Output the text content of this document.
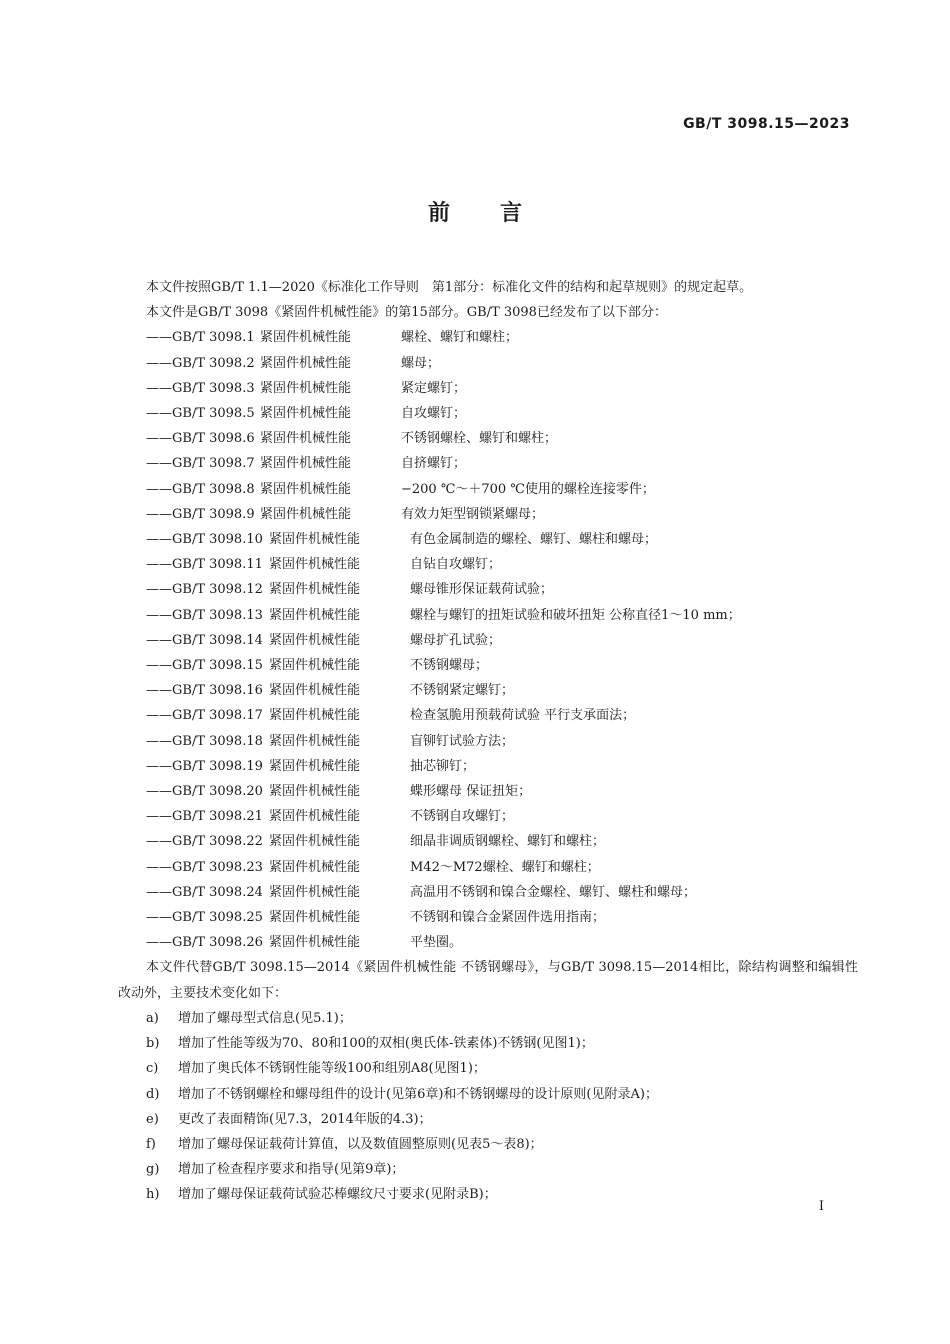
GB/T 3098.15—2023
前言

本文件按照GB/T 1.1—2020《标准化工作导则　第1部分：标准化文件的结构和起草规则》的规定起草。

本文件是GB/T 3098《紧固件机械性能》的第15部分。GB/T 3098已经发布了以下部分：

——GB/T 3098.1 紧固件机械性能	螺栓、螺钉和螺柱；
——GB/T 3098.2 紧固件机械性能	螺母；
——GB/T 3098.3 紧固件机械性能	紧定螺钉；
——GB/T 3098.5 紧固件机械性能	自攻螺钉；
——GB/T 3098.6 紧固件机械性能	不锈钢螺栓、螺钉和螺柱；
——GB/T 3098.7 紧固件机械性能	自挤螺钉；
——GB/T 3098.8 紧固件机械性能	−200 ℃～＋700 ℃使用的螺栓连接零件；
——GB/T 3098.9 紧固件机械性能	有效力矩型钢锁紧螺母；
——GB/T 3098.10 紧固件机械性能	有色金属制造的螺栓、螺钉、螺柱和螺母；
——GB/T 3098.11 紧固件机械性能	自钻自攻螺钉；
——GB/T 3098.12 紧固件机械性能	螺母锥形保证载荷试验；
——GB/T 3098.13 紧固件机械性能	螺栓与螺钉的扭矩试验和破坏扭矩 公称直径1～10 mm；
——GB/T 3098.14 紧固件机械性能	螺母扩孔试验；
——GB/T 3098.15 紧固件机械性能	不锈钢螺母；
——GB/T 3098.16 紧固件机械性能	不锈钢紧定螺钉；
——GB/T 3098.17 紧固件机械性能	检查氢脆用预载荷试验 平行支承面法；
——GB/T 3098.18 紧固件机械性能	盲铆钉试验方法；
——GB/T 3098.19 紧固件机械性能	抽芯铆钉；
——GB/T 3098.20 紧固件机械性能	蝶形螺母 保证扭矩；
——GB/T 3098.21 紧固件机械性能	不锈钢自攻螺钉；
——GB/T 3098.22 紧固件机械性能	细晶非调质钢螺栓、螺钉和螺柱；
——GB/T 3098.23 紧固件机械性能	M42～M72螺栓、螺钉和螺柱；
——GB/T 3098.24 紧固件机械性能	高温用不锈钢和镍合金螺栓、螺钉、螺柱和螺母；
——GB/T 3098.25 紧固件机械性能	不锈钢和镍合金紧固件选用指南；
——GB/T 3098.26 紧固件机械性能	平垫圈。

本文件代替GB/T 3098.15—2014《紧固件机械性能 不锈钢螺母》，与GB/T 3098.15—2014相比，除结构调整和编辑性改动外，主要技术变化如下：

a) 增加了螺母型式信息(见5.1)；
b) 增加了性能等级为70、80和100的双相(奥氏体-铁素体)不锈钢(见图1)；
c) 增加了奥氏体不锈钢性能等级100和组别A8(见图1)；
d) 增加了不锈钢螺栓和螺母组件的设计(见第6章)和不锈钢螺母的设计原则(见附录A)；
e) 更改了表面精饰(见7.3，2014年版的4.3)；
f) 增加了螺母保证载荷计算值，以及数值圆整原则(见表5～表8)；
g) 增加了检查程序要求和指导(见第9章)；
h) 增加了螺母保证载荷试验芯棒螺纹尺寸要求(见附录B)；
I
